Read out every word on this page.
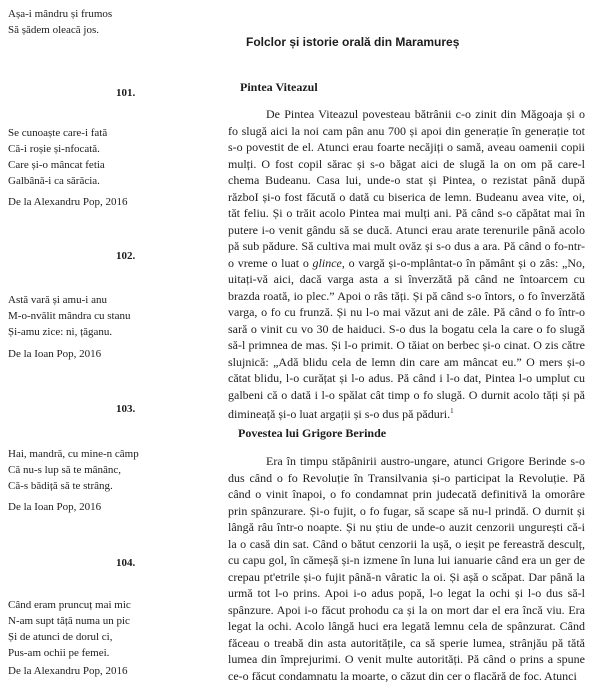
Așa-i mândru și frumos
Să șădem oleacă jos.
101.
Se cunoaște care-i fată
Că-i roșie și-nfocată.
Care și-o mâncat fetia
Galbână-i ca sărăcia.
De la Alexandru Pop, 2016
102.
Astă vară și amu-i anu
M-o-nvălit mândra cu stanu
Și-amu zice: ni, țăganu.
De la Ioan Pop, 2016
103.
Hai, mandră, cu mine-n câmp
Că nu-s lup să te mânânc,
Că-s bădiță să te strâng.
De la Ioan Pop, 2016
104.
Când eram pruncuț mai mic
N-am supt tăță numa un pic
Și de atunci de dorul ci,
Pus-am ochii pe femei.
De la Alexandru Pop, 2016
Folclor și istorie orală din Maramureș
Pintea Viteazul

De Pintea Viteazul povesteau bătrânii c-o zinit din Măgoaja și o fo slugă aici la noi cam pân anu 700 și apoi din generație în generație tot s-o povestit de el. Atunci erau foarte necăjiți o samă, aveau oamenii copii mulți. O fost copil sărac și s-o băgat aici de slugă la on om pă care-l chema Budeanu. Casa lui, unde-o stat și Pintea, o rezistat până după războI și-o fost făcută o dată cu biserica de lemn. Budeanu avea vite, oi, tăt feliu. Și o trăit acolo Pintea mai mulți ani. Pă când s-o căpătat mai în putere i-o venit gându să se ducă. Atunci erau arate terenurile până acolo pă sub pădure. Să cultiva mai mult ovăz și s-o dus a ara. Pă când o fo-ntr-o vreme o luat o glince, o vargă și-o-mplântat-o în pământ și o zâs: „No, uitați-vă aici, dacă varga asta a si înverzătă pă când ne întoarcem cu brazda roată, io plec.” Apoi o râs tăți. Și pă când s-o întors, o fo înverzătă varga, o fo cu frunză. Și nu l-o mai văzut ani de zâle. Pă când o fo într-o sară o vinit cu vo 30 de haiduci. S-o dus la bogatu cela la care o fo slugă să-l primnea de mas. Și l-o primit. O tăiat on berbec și-o cinat. O zis către slujnică: „Adă blidu cela de lemn din care am mâncat eu.” O mers și-o cătat blidu, l-o curățat și l-o adus. Pă când i l-o dat, Pintea l-o umplut cu galbeni că o dată i l-o spălat cât timp o fo slugă. O durnit acolo tăți și pă dimineață și-o luat argații și s-o dus pă păduri.$^1$

Povestea lui Grigore Berinde

Era în timpu stăpânirii austro-ungare, atunci Grigore Berinde s-o dus când o fo Revoluție în Transilvania și-o participat la Revoluție. Pă când o vinit înapoi, o fo condamnat prin judecată definitivă la omorâre prin spânzurare. Și-o fujit, o fo fugar, să scape să nu-l prindă. O durnit și lângă râu într-o noapte. Și nu știu de unde-o auzit cenzorii ungurești că-i la o casă din sat. Când o bătut cenzorii la ușă, o ieșit pe fereastră desculț, cu capu gol, în cămeșă și-n izmene în luna lui ianuarie când era un ger de crepau pt'etrile și-o fujit până-n vâratic la oi. Și așă o scăpat. Dar până la urmă tot l-o prins. Apoi i-o adus popă, l-o legat la ochi și l-o dus să-l spânzure. Apoi i-o făcut prohodu ca și la on mort dar el era încă viu. Era legat la ochi. Acolo lângă huci era legată lemnu cela de spânzurat. Când făceau o treabă din asta autoritățile, ca să sperie lumea, strânjău pă tătă lumea din împrejurimi. O venit multe autorități. Pă când o prins a spune ce-o făcut condamnatu la moarte, o căzut din cer o flacără de foc. Atunci
